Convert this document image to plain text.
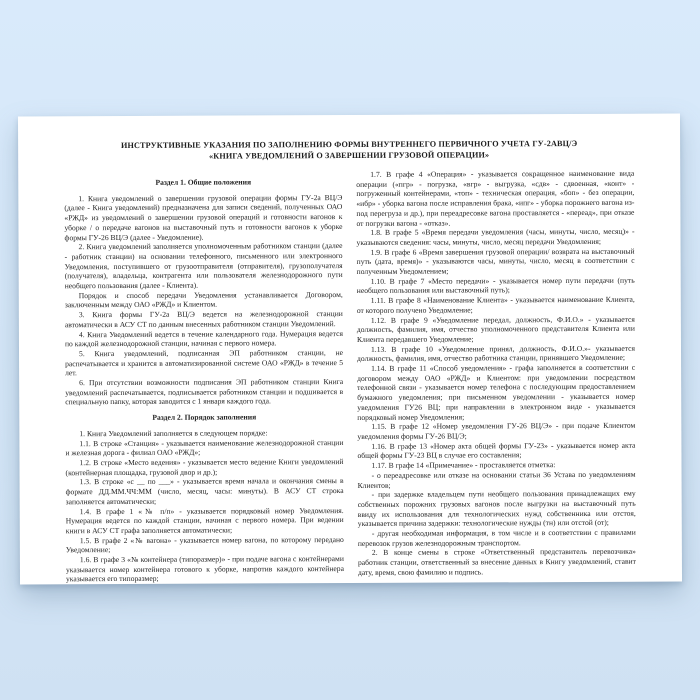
ИНСТРУКТИВНЫЕ УКАЗАНИЯ ПО ЗАПОЛНЕНИЮ ФОРМЫ ВНУТРЕННЕГО ПЕРВИЧНОГО УЧЕТА ГУ-2АВЦ/Э
«КНИГА УВЕДОМЛЕНИЙ О ЗАВЕРШЕНИИ ГРУЗОВОЙ ОПЕРАЦИИ»
Раздел 1. Общие положения

1. Книга уведомлений о завершении грузовой операции формы ГУ-2а ВЦ/Э (далее - Книга уведомлений) предназначена для записи сведений, полученных ОАО «РЖД» из уведомлений о завершении грузовой операций и готовности вагонов к уборке / о передаче вагонов на выставочный путь и готовности вагонов к уборке формы ГУ-26 ВЦ/Э (далее - Уведомление).

2. Книга уведомлений заполняется уполномоченным работником станции (далее - работник станции) на основании телефонного, письменного или электронного Уведомления, поступившего от грузоотправителя (отправителя), грузополучателя (получателя), владельца, контрагента или пользователя железнодорожного пути необщего пользования (далее - Клиента).

Порядок и способ передачи Уведомления устанавливается Договором, заключенным между ОАО «РЖД» и Клиентом.

3. Книга формы ГУ-2а ВЦ/Э ведется на железнодорожной станции автоматически в АСУ СТ по данным внесенных работником станции Уведомлений.

4. Книга Уведомлений ведется в течение календарного года. Нумерация ведется по каждой железнодорожной станции, начиная с первого номера.

5. Книга уведомлений, подписанная ЭП работником станции, не распечатывается и хранится в автоматизированной системе ОАО «РЖД» в течение 5 лет.

6. При отсутствии возможности подписания ЭП работником станции Книга уведомлений распечатывается, подписывается работником станции и подшивается в специальную папку, которая заводится с 1 января каждого года.

Раздел 2. Порядок заполнения

1. Книга Уведомлений заполняется в следующем порядке:

1.1. В строке «Станция» - указывается наименование железнодорожной станции и железная дорога - филиал ОАО «РЖД»;

1.2. В строке «Место ведения» - указывается место ведение Книги уведомлений (контейнерная площадка, грузовой двор и др.);

1.3. В строке «с __ по ___» - указывается время начала и окончания смены в формате ДД.ММ.ЧЧ:ММ (число, месяц, часы: минуты). В АСУ СТ строка заполняется автоматически;

1.4. В графе 1 «№ п/п» - указывается порядковый номер Уведомления. Нумерация ведется по каждой станции, начиная с первого номера. При ведении книги в АСУ СТ графа заполняется автоматически;

1.5. В графе 2 «№ вагона» - указывается номер вагона, по которому передано Уведомление;

1.6. В графе 3 «№ контейнера (типоразмер)» - при подаче вагона с контейнерами указывается номер контейнера готового к уборке, напротив каждого контейнера указывается его типоразмер;

1.7. В графе 4 «Операция» - указывается сокращенное наименование вида операции («пгр» - погрузка, «вгр» - выгрузка, «сдв» - сдвоенная, «конт» - погруженный контейнерами, «топ» - техническая операция, «боп» - без операции, «ибр» - уборка вагона после исправления брака, «ипг» - уборка порожнего вагона из-под перегруза и др.), при переадресовке вагона проставляется - «переад», при отказе от погрузки вагона - «отказ».

1.8. В графе 5 «Время передачи уведомления (часы, минуты, число, месяц)» - указываются сведения: часы, минуты, число, месяц передачи Уведомления;

1.9. В графе 6 «Время завершения грузовой операции/ возврата на выставочный путь (дата, время)» - указываются часы, минуты, число, месяц в соответствии с полученным Уведомлением;

1.10. В графе 7 «Место передачи» - указывается номер пути передачи (путь необщего пользования или выставочный путь);

1.11. В графе 8 «Наименование Клиента» - указывается наименование Клиента, от которого получено Уведомление;

1.12. В графе 9 «Уведомление передал, должность, Ф.И.О.» - указывается должность, фамилия, имя, отчество уполномоченного представителя Клиента или Клиента передавшего Уведомление;

1.13. В графе 10 «Уведомление принял, должность, Ф.И.О.»- указывается должность, фамилия, имя, отчество работника станции, принявшего Уведомление;

1.14. В графе 11 «Способ уведомления» - графа заполняется в соответствии с договором между ОАО «РЖД» и Клиентом: при уведомлении посредством телефонной связи - указывается номер телефона с последующим предоставлением бумажного уведомления; при письменном уведомлении - указывается номер уведомления ГУ26 ВЦ; при направлении в электронном виде - указывается порядковый номер Уведомления;

1.15. В графе 12 «Номер уведомления ГУ-26 ВЦ/Э» - при подаче Клиентом уведомления формы ГУ-26 ВЦ/Э;

1.16. В графе 13 «Номер акта общей формы ГУ-23» - указывается номер акта общей формы ГУ-23 ВЦ в случае его составления;

1.17. В графе 14 «Примечание» - проставляется отметка:

- о переадресовке или отказе на основании статьи 36 Устава по уведомлениям Клиентов;

- при задержке владельцем пути необщего пользования принадлежащих ему собственных порожних грузовых вагонов после выгрузки на выставочный путь ввиду их использования для технологических нужд собственника или отстоя, указывается причина задержки: технологические нужды (тн) или отстой (от);

- другая необходимая информация, в том числе и в соответствии с правилами перевозок грузов железнодорожным транспортом.

2. В конце смены в строке «Ответственный представитель перевозчика» работник станции, ответственный за внесение данных в Книгу уведомлений, ставит дату, время, свою фамилию и подпись.
